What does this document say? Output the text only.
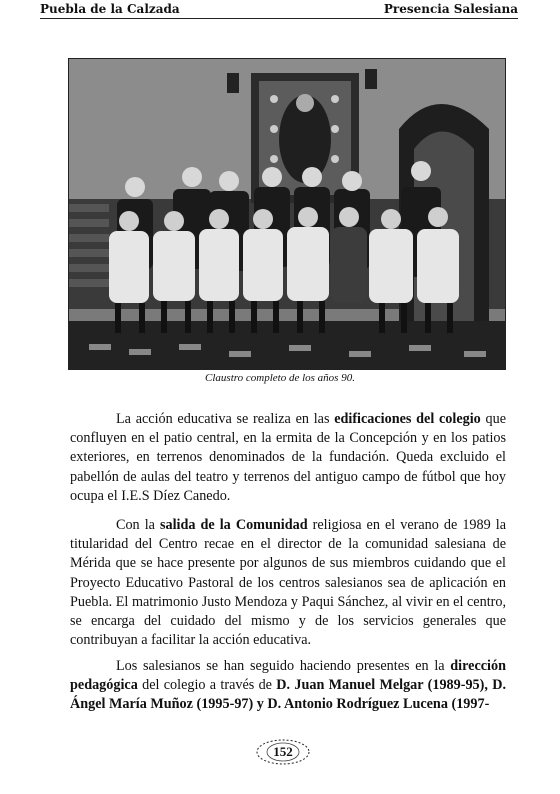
Puebla de la Calzada	Presencia Salesiana
Claustro completo de los años 90.
La acción educativa se realiza en las edificaciones del colegio que confluyen en el patio central, en la ermita de la Concepción y en los patios exteriores, en terrenos denominados de la fundación. Queda excluido el pabellón de aulas del teatro y terrenos del antiguo campo de fútbol que hoy ocupa el I.E.S Díez Canedo.
Con la salida de la Comunidad religiosa en el verano de 1989 la titularidad del Centro recae en el director de la comunidad salesiana de Mérida que se hace presente por algunos de sus miembros cuidando que el Proyecto Educativo Pastoral de los centros salesianos sea de aplicación en Puebla. El matrimonio Justo Mendoza y Paqui Sánchez, al vivir en el centro, se encarga del cuidado del mismo y de los servicios generales que contribuyan a facilitar la acción educativa.
Los salesianos se han seguido haciendo presentes en la dirección pedagógica del colegio a través de D. Juan Manuel Melgar (1989-95), D. Ángel María Muñoz (1995-97) y D. Antonio Rodríguez Lucena (1997-
152
